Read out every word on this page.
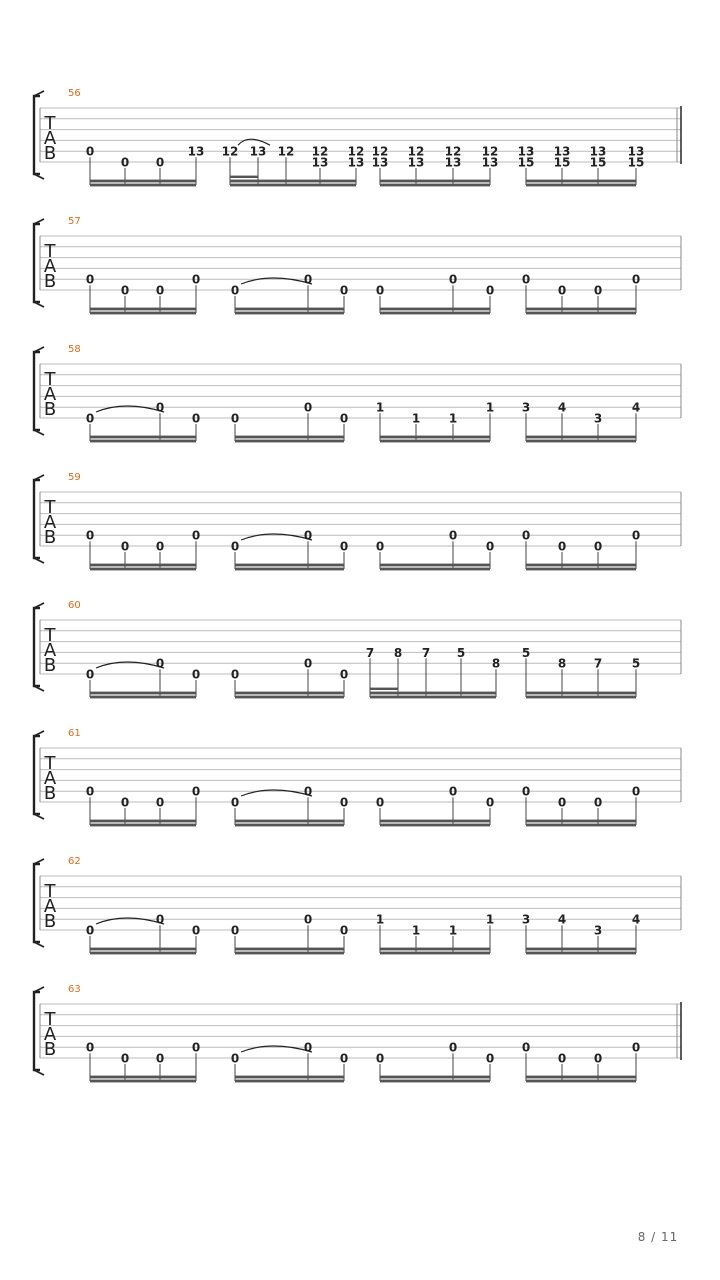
T
A
B
56
0
0 0
13 12 13 12 12
13
12
13
12
13
12
13
12
13
12
13
13
15
13
15
13
15
13
15
T
A
B
57
0
0 0
0
0
0
0 0
0
0
0
0 0
0
T
A
B
58
0
0
0	0
0
0
1
1 1
1 3 4
3
4
T
A
B
59
0
0 0
0
0
0
0 0
0
0
0
0 0
0
T
A
B
60
0
0
0	0
0
0
7 8 7 5
8
5
8 7 5
T
A
B
61
0
0 0
0
0
0
0 0
0
0
0
0 0
0
T
A
B
62
0
0
0	0
0
0
1
1 1
1 3 4
3
4
T
A
B
63
0
0 0
0
0
0
0 0
0
0
0
0 0
0
8 / 11
